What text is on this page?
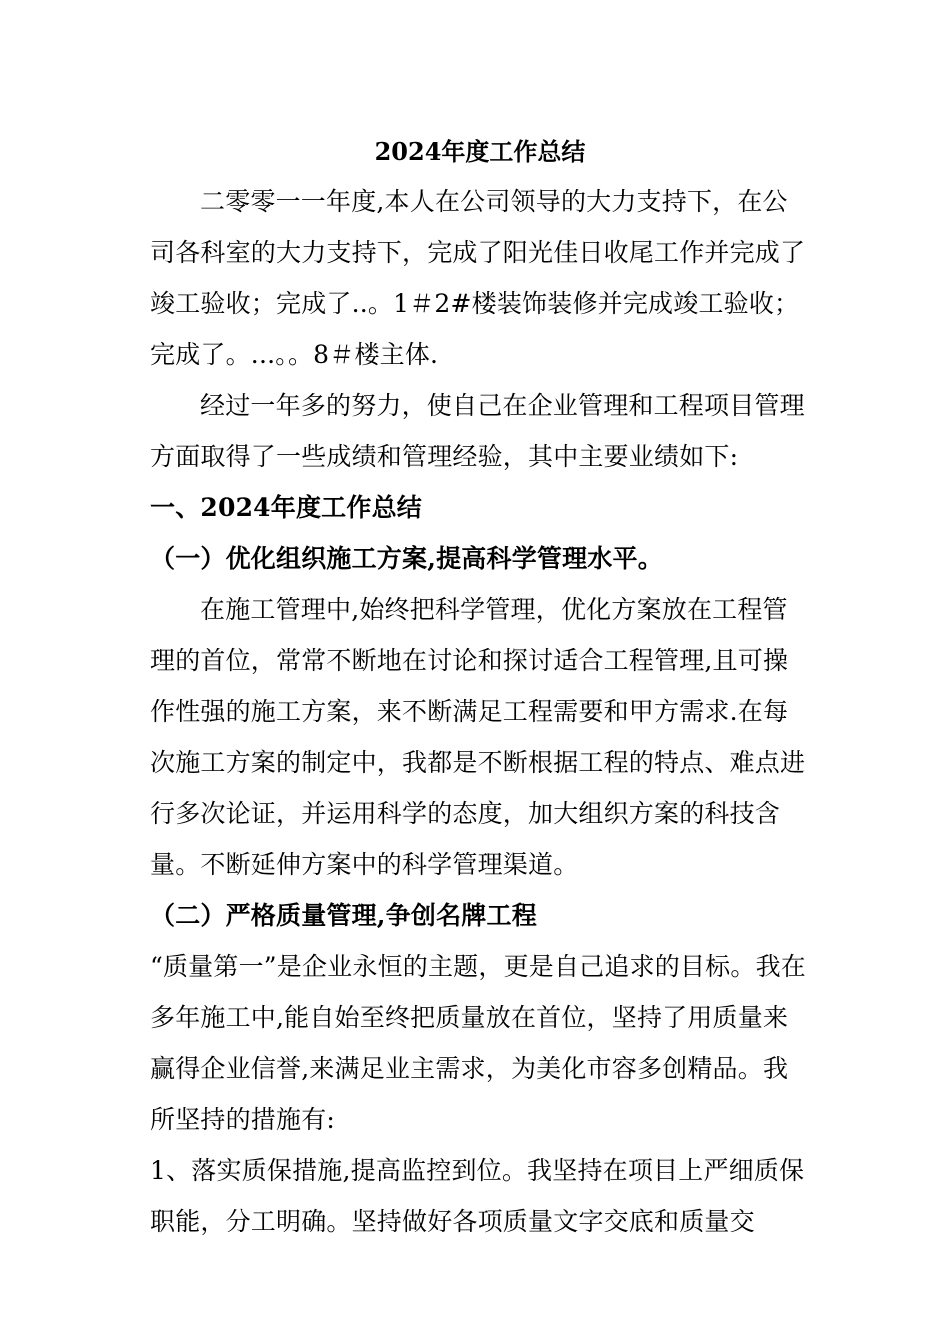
2024年度工作总结

二零零一一年度,本人在公司领导的大力支持下，在公司各科室的大力支持下，完成了阳光佳日收尾工作并完成了竣工验收；完成了..。1＃2#楼装饰装修并完成竣工验收；完成了。...。。8＃楼主体.

经过一年多的努力，使自己在企业管理和工程项目管理方面取得了一些成绩和管理经验，其中主要业绩如下:

一、2024年度工作总结

（一）优化组织施工方案,提高科学管理水平。

在施工管理中,始终把科学管理，优化方案放在工程管理的首位，常常不断地在讨论和探讨适合工程管理,且可操作性强的施工方案，来不断满足工程需要和甲方需求.在每次施工方案的制定中，我都是不断根据工程的特点、难点进行多次论证，并运用科学的态度，加大组织方案的科技含量。不断延伸方案中的科学管理渠道。

（二）严格质量管理,争创名牌工程

“质量第一”是企业永恒的主题，更是自己追求的目标。我在多年施工中,能自始至终把质量放在首位，坚持了用质量来赢得企业信誉,来满足业主需求，为美化市容多创精品。我所坚持的措施有:

1、落实质保措施,提高监控到位。我坚持在项目上严细质保职能，分工明确。坚持做好各项质量文字交底和质量交
